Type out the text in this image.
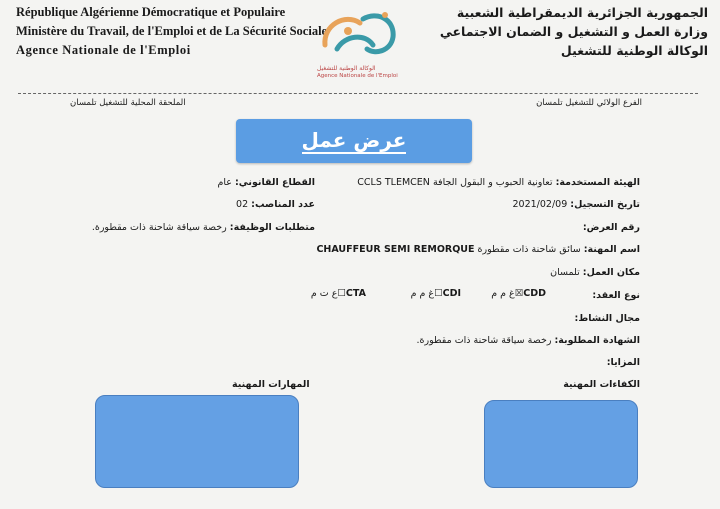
République Algérienne Démocratique et Populaire
Ministère du Travail, de l'Emploi et de La Sécurité Sociale
Agence Nationale de l'Emploi
الوكالة الوطنية للتشغيل
Agence Nationale de l'Emploi
الجمهورية الجزائرية الديمقراطية الشعبية
وزارة العمل و التشغيل و الضمان الاجتماعي
الوكالة الوطنية للتشغيل
الفرع الولائي للتشغيل تلمسان
الملحقة المحلية للتشغيل تلمسان
عرض عمل
الهيئة المستخدمة: تعاونية الحبوب و البقول الجافة CCLS TLEMCEN
القطاع القانوني: عام
تاريخ التسجيل: 2021/02/09
عدد المناصب: 02
رقم العرض:
متطلبات الوظيفة: رخصة سياقة شاحنة ذات مقطورة.
اسم المهنة: سائق شاحنة ذات مقطورة CHAUFFEUR SEMI REMORQUE
مكان العمل: تلمسان
نوع العقد:
غ م م☒CDD
غ م م☐CDI
ع ت م☐CTA
مجال النشاط:
الشهادة المطلوبة: رخصة سياقة شاحنة ذات مقطورة.
المزايا:
الكفاءات المهنية
المهارات المهنية
